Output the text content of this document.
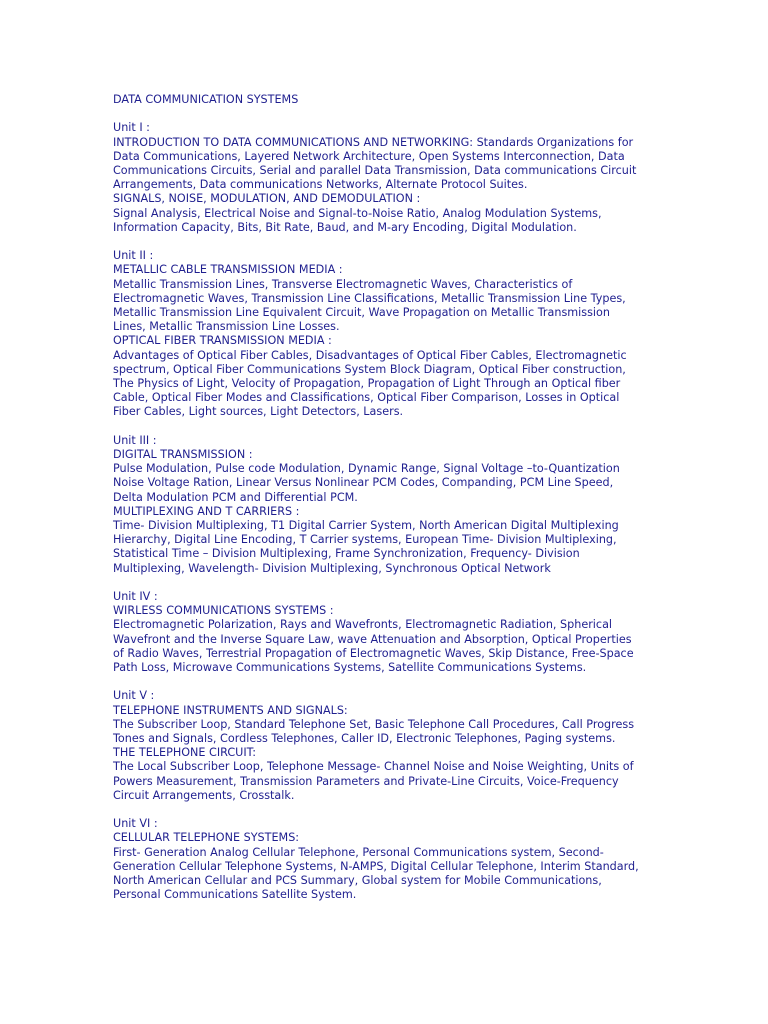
DATA COMMUNICATION SYSTEMS
Unit I :
INTRODUCTION TO DATA COMMUNICATIONS AND NETWORKING: Standards Organizations for
Data Communications, Layered Network Architecture, Open Systems Interconnection, Data
Communications Circuits, Serial and parallel Data Transmission, Data communications Circuit
Arrangements, Data communications Networks, Alternate Protocol Suites.
SIGNALS, NOISE, MODULATION, AND DEMODULATION :
Signal Analysis, Electrical Noise and Signal-to-Noise Ratio, Analog Modulation Systems,
Information Capacity, Bits, Bit Rate, Baud, and M-ary Encoding, Digital Modulation.
Unit II :
METALLIC CABLE TRANSMISSION MEDIA :
Metallic Transmission Lines, Transverse Electromagnetic Waves, Characteristics of
Electromagnetic Waves, Transmission Line Classifications, Metallic Transmission Line Types,
Metallic Transmission Line Equivalent Circuit, Wave Propagation on Metallic Transmission
Lines, Metallic Transmission Line Losses.
OPTICAL FIBER TRANSMISSION MEDIA :
Advantages of Optical Fiber Cables, Disadvantages of Optical Fiber Cables, Electromagnetic
spectrum, Optical Fiber Communications System Block Diagram, Optical Fiber construction,
The Physics of Light, Velocity of Propagation, Propagation of Light Through an Optical fiber
Cable, Optical Fiber Modes and Classifications, Optical Fiber Comparison, Losses in Optical
Fiber Cables, Light sources, Light Detectors, Lasers.
Unit III :
DIGITAL TRANSMISSION :
Pulse Modulation, Pulse code Modulation, Dynamic Range, Signal Voltage –to-Quantization
Noise Voltage Ration, Linear Versus Nonlinear PCM Codes, Companding, PCM Line Speed,
Delta Modulation PCM and Differential PCM.
MULTIPLEXING AND T CARRIERS :
Time- Division Multiplexing, T1 Digital Carrier System, North American Digital Multiplexing
Hierarchy, Digital Line Encoding, T Carrier systems, European Time- Division Multiplexing,
Statistical Time – Division Multiplexing, Frame Synchronization, Frequency- Division
Multiplexing, Wavelength- Division Multiplexing, Synchronous Optical Network
Unit IV :
WIRLESS COMMUNICATIONS SYSTEMS :
Electromagnetic Polarization, Rays and Wavefronts, Electromagnetic Radiation, Spherical
Wavefront and the Inverse Square Law, wave Attenuation and Absorption, Optical Properties
of Radio Waves, Terrestrial Propagation of Electromagnetic Waves, Skip Distance, Free-Space
Path Loss, Microwave Communications Systems, Satellite Communications Systems.
Unit V :
TELEPHONE INSTRUMENTS AND SIGNALS:
The Subscriber Loop, Standard Telephone Set, Basic Telephone Call Procedures, Call Progress
Tones and Signals, Cordless Telephones, Caller ID, Electronic Telephones, Paging systems.
THE TELEPHONE CIRCUIT:
The Local Subscriber Loop, Telephone Message- Channel Noise and Noise Weighting, Units of
Powers Measurement, Transmission Parameters and Private-Line Circuits, Voice-Frequency
Circuit Arrangements, Crosstalk.
Unit VI :
CELLULAR TELEPHONE SYSTEMS:
First- Generation Analog Cellular Telephone, Personal Communications system, Second-
Generation Cellular Telephone Systems, N-AMPS, Digital Cellular Telephone, Interim Standard,
North American Cellular and PCS Summary, Global system for Mobile Communications,
Personal Communications Satellite System.
